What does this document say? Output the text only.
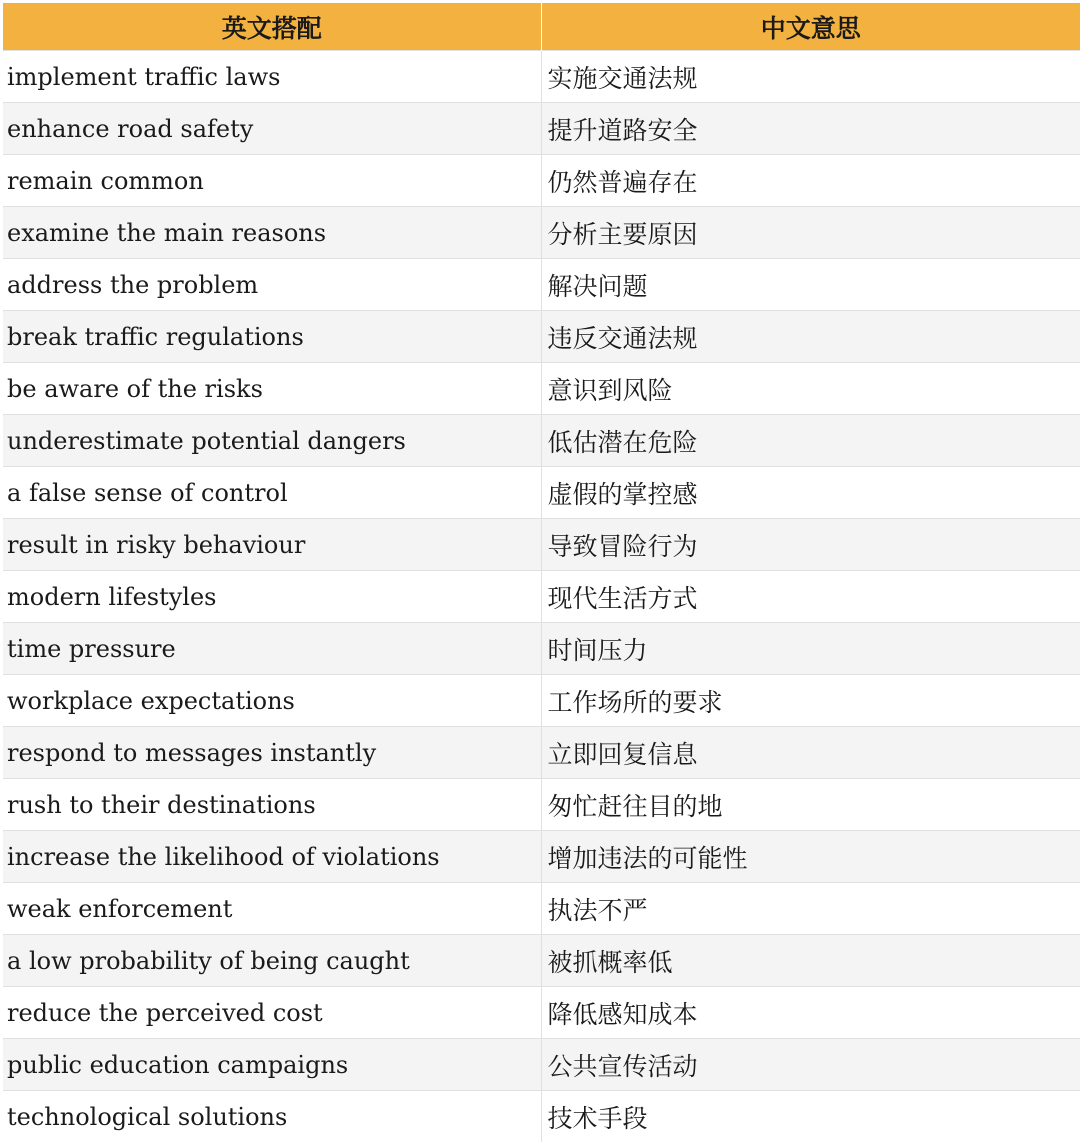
英文搭配	中文意思
implement traffic laws	实施交通法规
enhance road safety	提升道路安全
remain common	仍然普遍存在
examine the main reasons	分析主要原因
address the problem	解决问题
break traffic regulations	违反交通法规
be aware of the risks	意识到风险
underestimate potential dangers	低估潜在危险
a false sense of control	虚假的掌控感
result in risky behaviour	导致冒险行为
modern lifestyles	现代生活方式
time pressure	时间压力
workplace expectations	工作场所的要求
respond to messages instantly	立即回复信息
rush to their destinations	匆忙赶往目的地
increase the likelihood of violations	增加违法的可能性
weak enforcement	执法不严
a low probability of being caught	被抓概率低
reduce the perceived cost	降低感知成本
public education campaigns	公共宣传活动
technological solutions	技术手段
